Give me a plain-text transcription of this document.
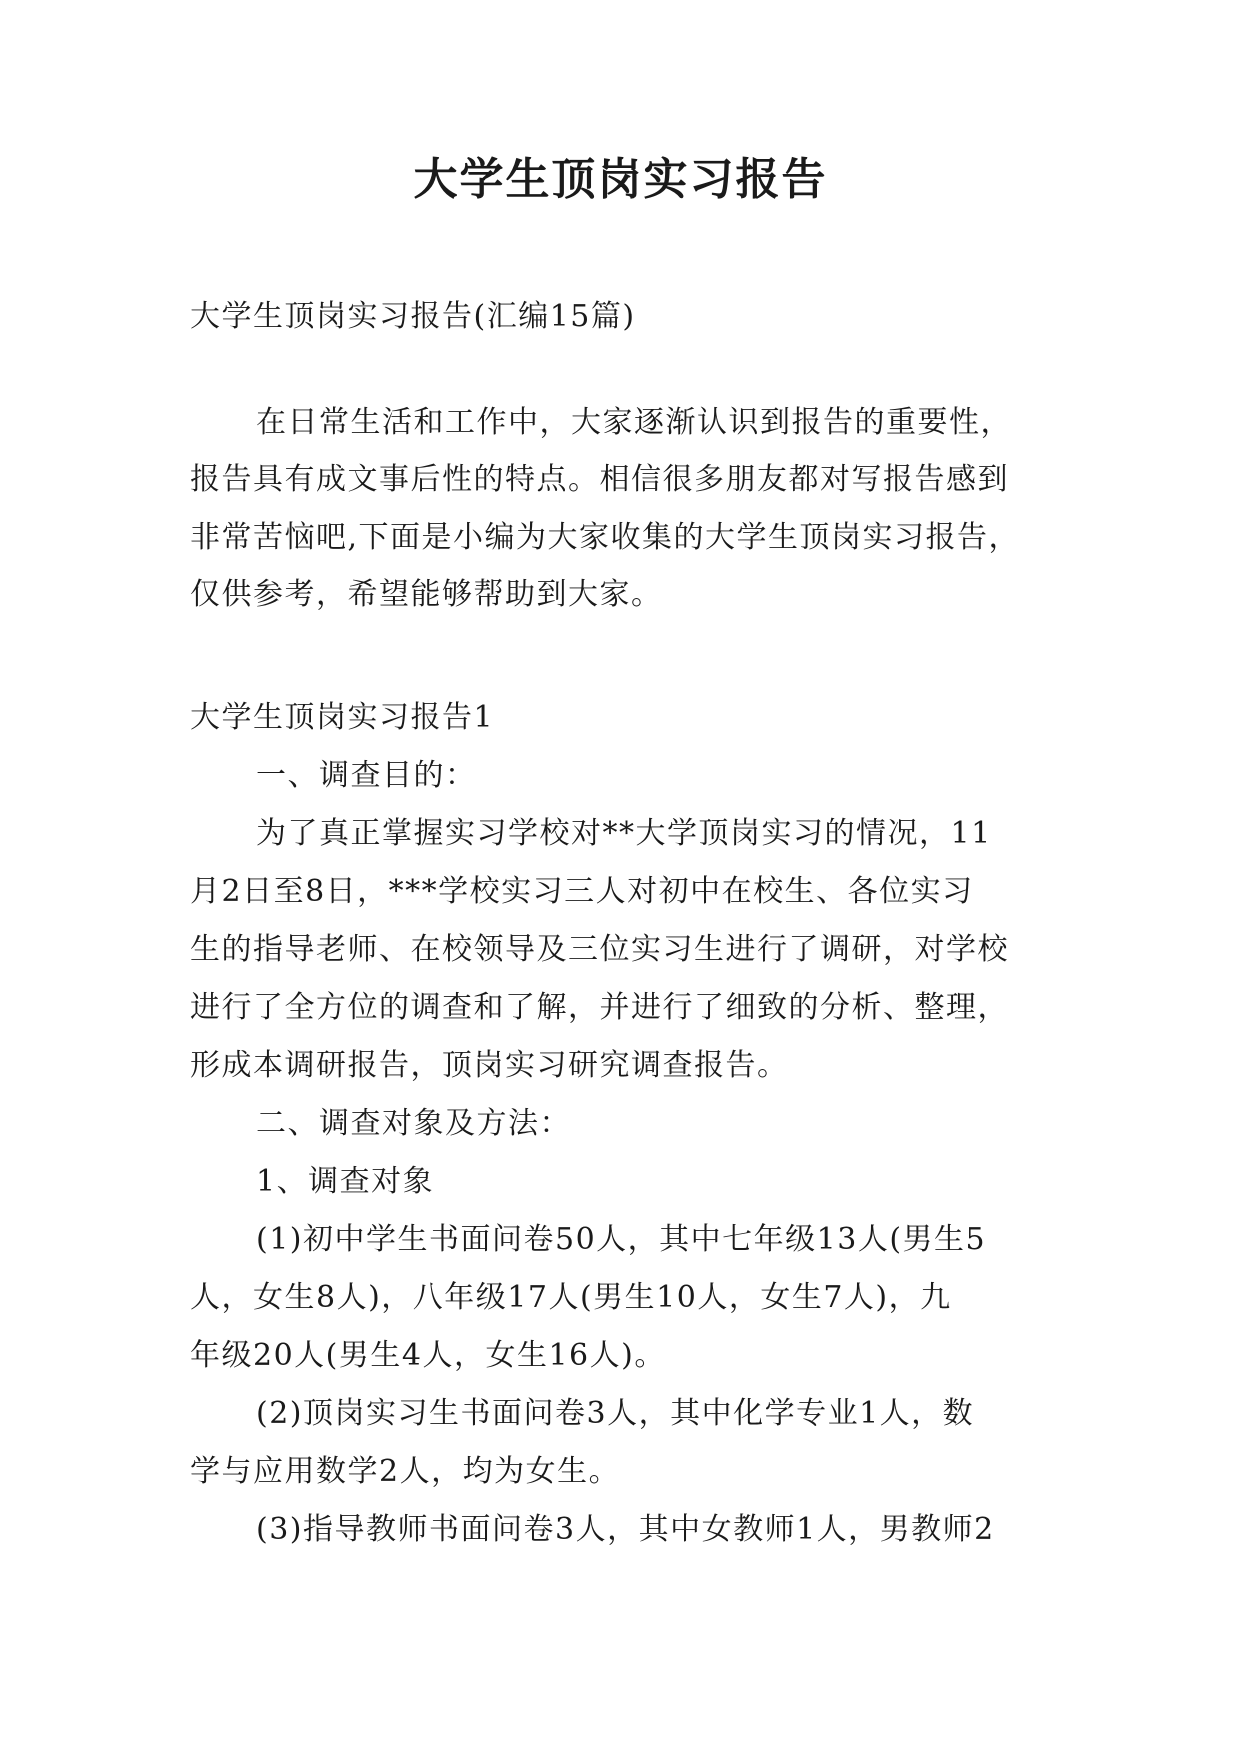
大学生顶岗实习报告
大学生顶岗实习报告(汇编15篇)
在日常生活和工作中，大家逐渐认识到报告的重要性，
报告具有成文事后性的特点。相信很多朋友都对写报告感到
非常苦恼吧,下面是小编为大家收集的大学生顶岗实习报告，
仅供参考，希望能够帮助到大家。
大学生顶岗实习报告1
一、调查目的：
为了真正掌握实习学校对**大学顶岗实习的情况，11
月2日至8日，***学校实习三人对初中在校生、各位实习
生的指导老师、在校领导及三位实习生进行了调研，对学校
进行了全方位的调查和了解，并进行了细致的分析、整理，
形成本调研报告，顶岗实习研究调查报告。
二、调查对象及方法：
1、调查对象
(1)初中学生书面问卷50人，其中七年级13人(男生5
人，女生8人)，八年级17人(男生10人，女生7人)，九
年级20人(男生4人，女生16人)。
(2)顶岗实习生书面问卷3人，其中化学专业1人，数
学与应用数学2人，均为女生。
(3)指导教师书面问卷3人，其中女教师1人，男教师2
